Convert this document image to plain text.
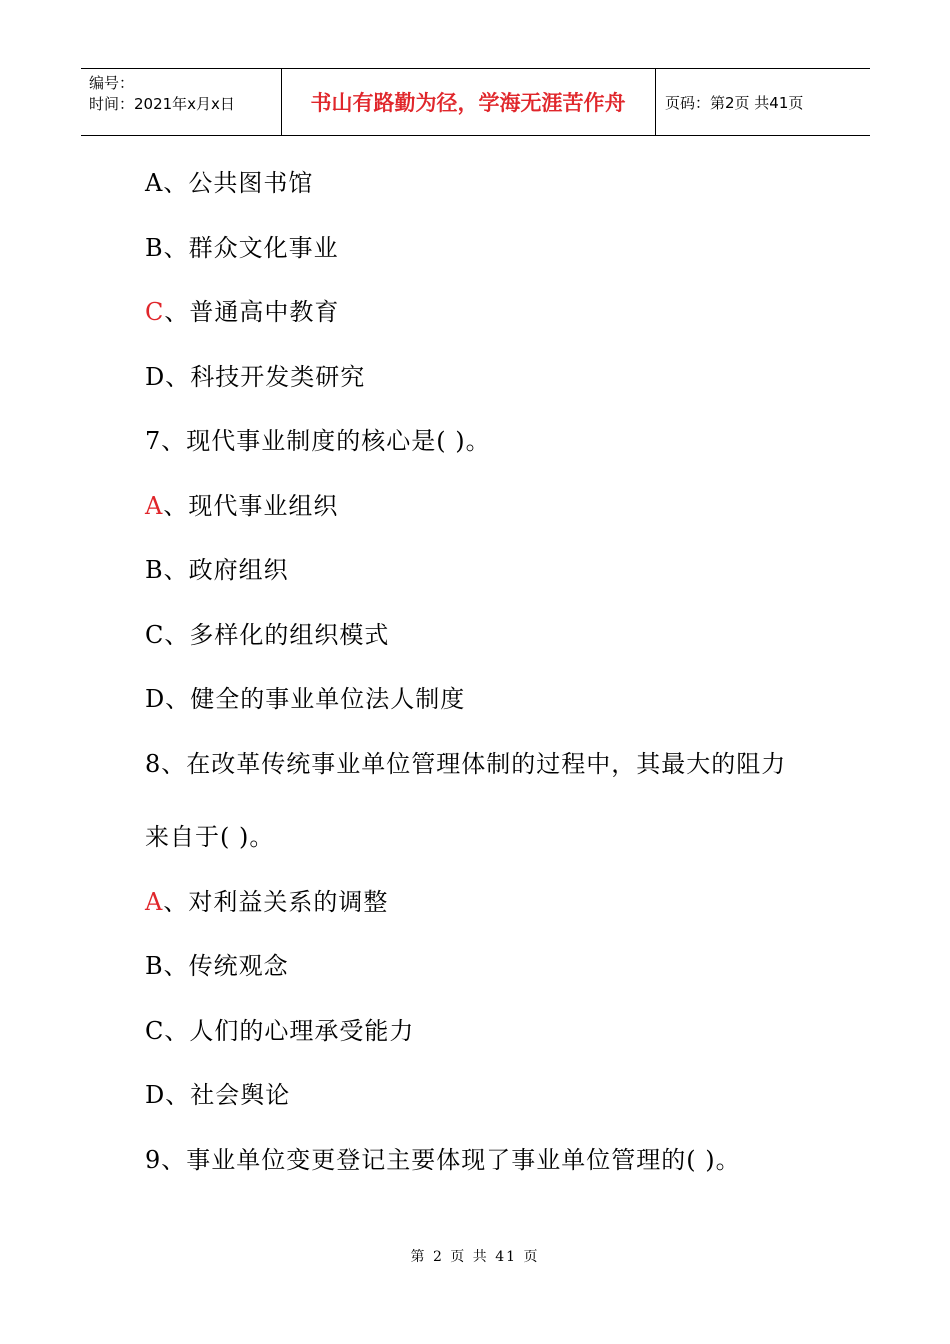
编号：
时间：2021年x月x日	书山有路勤为径，学海无涯苦作舟	页码：第2页 共41页
A、公共图书馆
B、群众文化事业
C、普通高中教育
D、科技开发类研究
7、现代事业制度的核心是( )。
A、现代事业组织
B、政府组织
C、多样化的组织模式
D、健全的事业单位法人制度
8、在改革传统事业单位管理体制的过程中，其最大的阻力
来自于( )。
A、对利益关系的调整
B、传统观念
C、人们的心理承受能力
D、社会舆论
9、事业单位变更登记主要体现了事业单位管理的( )。
第 2 页 共 41 页
